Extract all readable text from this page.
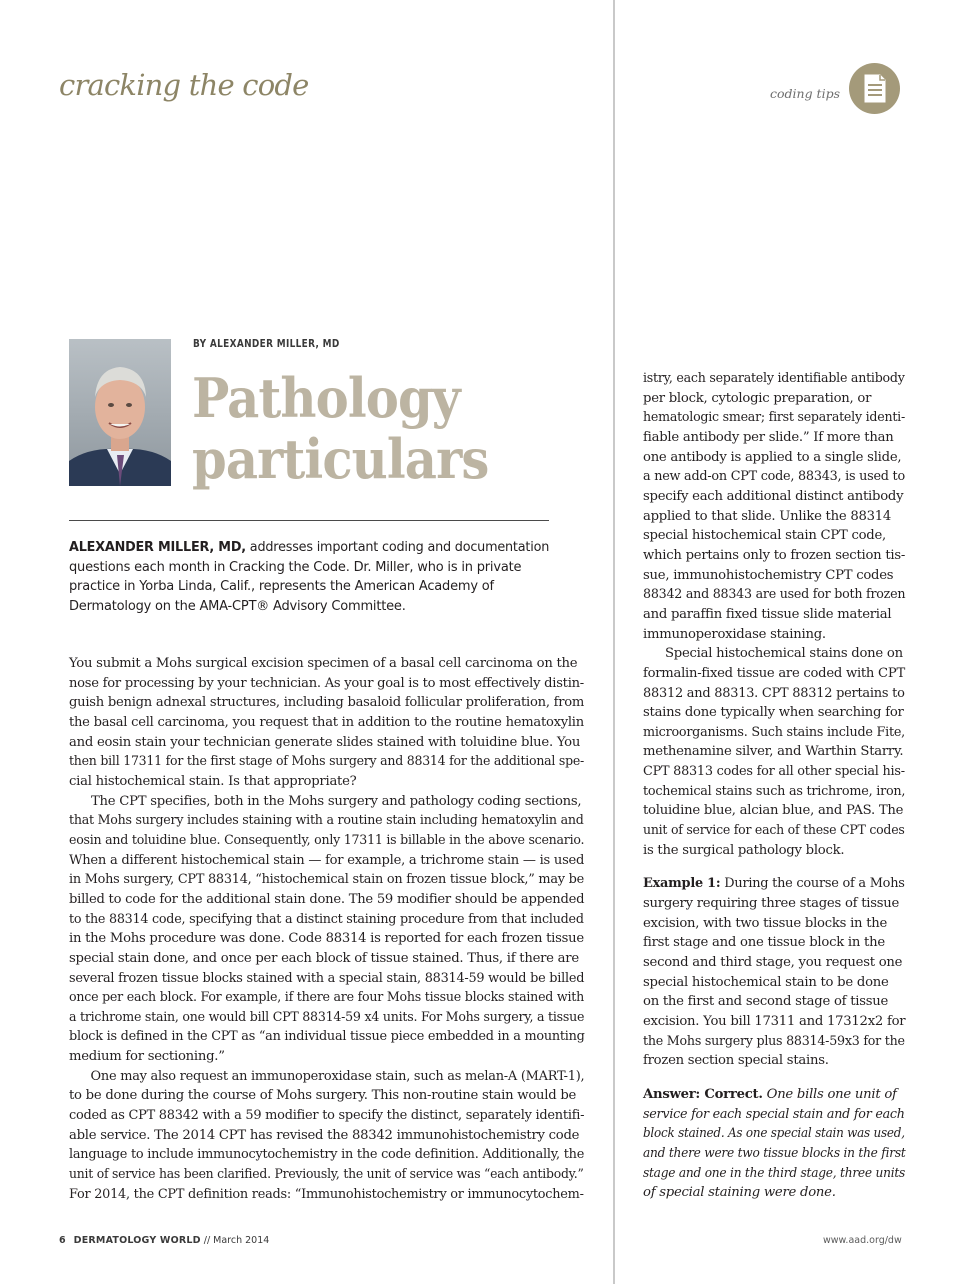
cracking the code	coding tips
BY ALEXANDER MILLER, MD
Pathology
particulars

ALEXANDER MILLER, MD, addresses important coding and documentation

questions each month in Cracking the Code. Dr. Miller, who is in private

practice in Yorba Linda, Calif., represents the American Academy of

Dermatology on the AMA-CPT® Advisory Committee.

You submit a Mohs surgical excision specimen of a basal cell carcinoma on the
nose for processing by your technician. As your goal is to most effectively distin-
guish benign adnexal structures, including basaloid follicular proliferation, from
the basal cell carcinoma, you request that in addition to the routine hematoxylin
and eosin stain your technician generate slides stained with toluidine blue. You
then bill 17311 for the first stage of Mohs surgery and 88314 for the additional spe-
cial histochemical stain. Is that appropriate?
The CPT specifies, both in the Mohs surgery and pathology coding sections,
that Mohs surgery includes staining with a routine stain including hematoxylin and
eosin and toluidine blue. Consequently, only 17311 is billable in the above scenario.
When a different histochemical stain — for example, a trichrome stain — is used
in Mohs surgery, CPT 88314, “histochemical stain on frozen tissue block,” may be
billed to code for the additional stain done. The 59 modifier should be appended
to the 88314 code, specifying that a distinct staining procedure from that included
in the Mohs procedure was done. Code 88314 is reported for each frozen tissue
special stain done, and once per each block of tissue stained. Thus, if there are
several frozen tissue blocks stained with a special stain, 88314-59 would be billed
once per each block. For example, if there are four Mohs tissue blocks stained with
a trichrome stain, one would bill CPT 88314-59 x4 units. For Mohs surgery, a tissue
block is defined in the CPT as “an individual tissue piece embedded in a mounting
medium for sectioning.”
One may also request an immunoperoxidase stain, such as melan-A (MART-1),
to be done during the course of Mohs surgery. This non-routine stain would be
coded as CPT 88342 with a 59 modifier to specify the distinct, separately identifi-
able service. The 2014 CPT has revised the 88342 immunohistochemistry code
language to include immunocytochemistry in the code definition. Additionally, the
unit of service has been clarified. Previously, the unit of service was “each antibody.”
For 2014, the CPT definition reads: “Immunohistochemistry or immunocytochem-
istry, each separately identifiable antibody
per block, cytologic preparation, or
hematologic smear; first separately identi-
fiable antibody per slide.” If more than
one antibody is applied to a single slide,
a new add-on CPT code, 88343, is used to
specify each additional distinct antibody
applied to that slide. Unlike the 88314
special histochemical stain CPT code,
which pertains only to frozen section tis-
sue, immunohistochemistry CPT codes
88342 and 88343 are used for both frozen
and paraffin fixed tissue slide material
immunoperoxidase staining.
Special histochemical stains done on
formalin-fixed tissue are coded with CPT
88312 and 88313. CPT 88312 pertains to
stains done typically when searching for
microorganisms. Such stains include Fite,
methenamine silver, and Warthin Starry.
CPT 88313 codes for all other special his-
tochemical stains such as trichrome, iron,
toluidine blue, alcian blue, and PAS. The
unit of service for each of these CPT codes
is the surgical pathology block.
Example 1: During the course of a Mohs
surgery requiring three stages of tissue
excision, with two tissue blocks in the
first stage and one tissue block in the
second and third stage, you request one
special histochemical stain to be done
on the first and second stage of tissue
excision. You bill 17311 and 17312x2 for
the Mohs surgery plus 88314-59x3 for the
frozen section special stains.
Answer: Correct. One bills one unit of
service for each special stain and for each
block stained. As one special stain was used,
and there were two tissue blocks in the first
stage and one in the third stage, three units
of special staining were done.
6 DERMATOLOGY WORLD // March 2014	www.aad.org/dw
